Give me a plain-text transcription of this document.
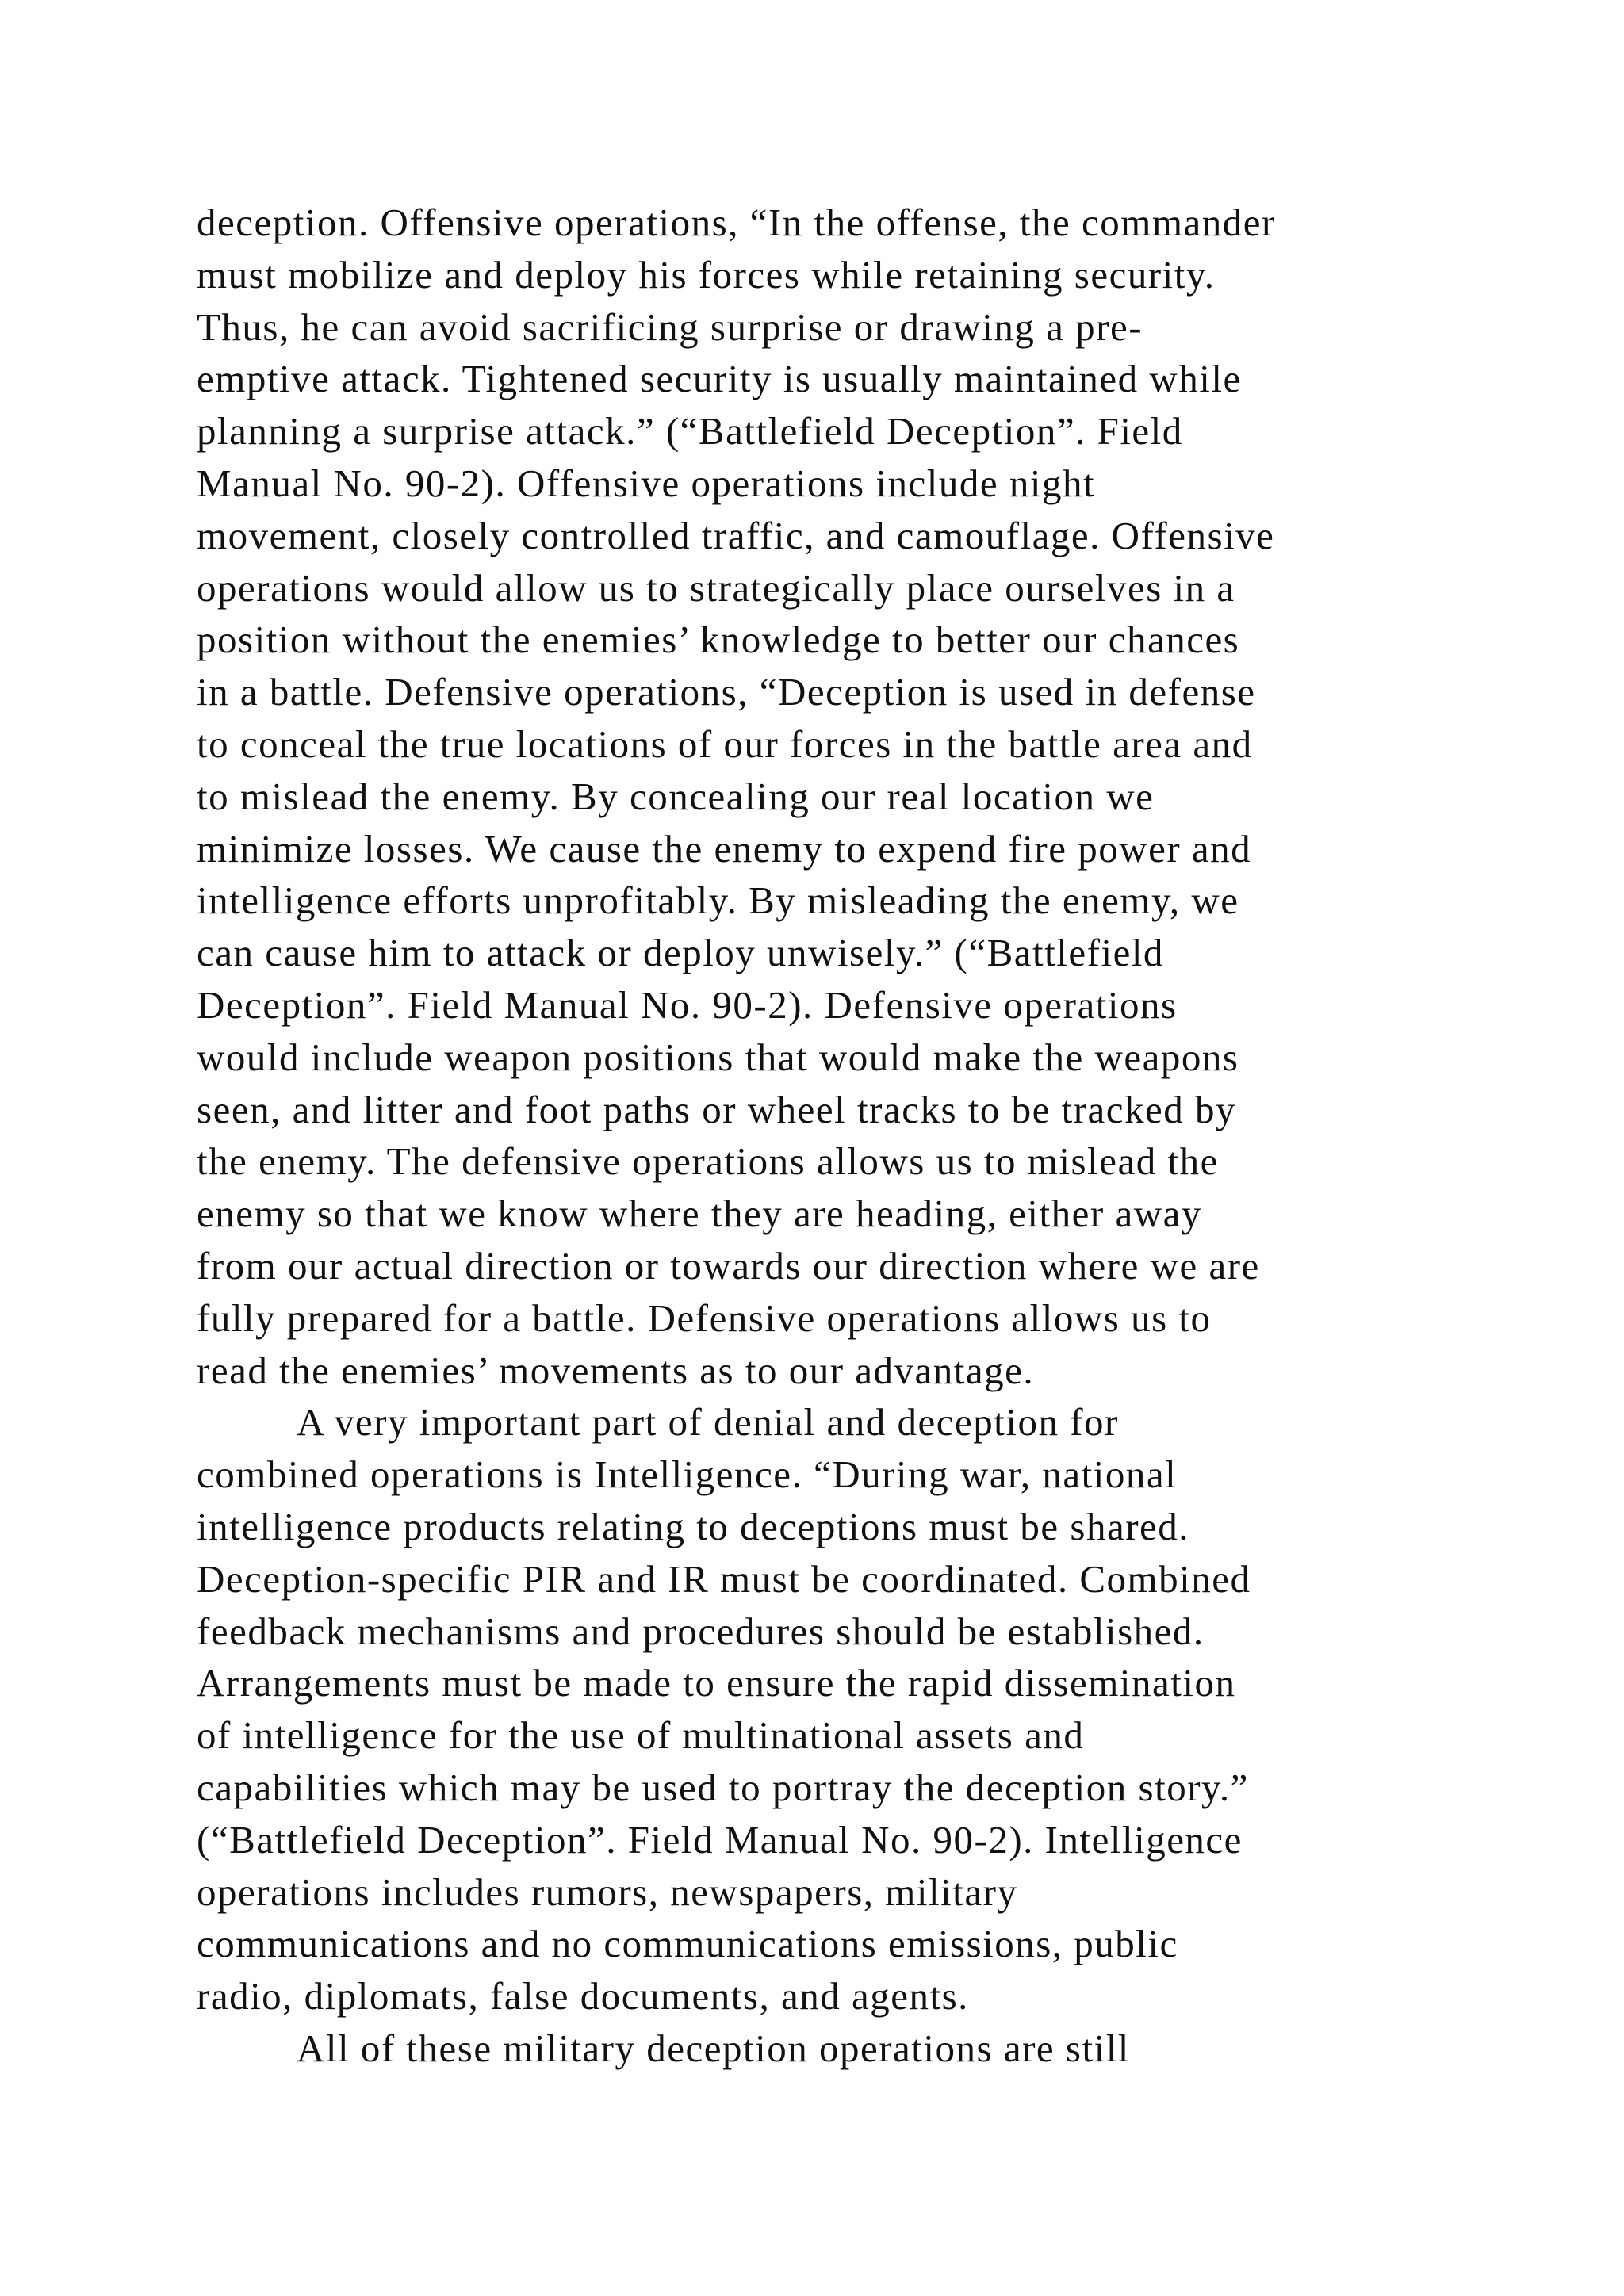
deception. Offensive operations, “In the offense, the commander
must mobilize and deploy his forces while retaining security.
Thus, he can avoid sacrificing surprise or drawing a pre-
emptive attack. Tightened security is usually maintained while
planning a surprise attack.” (“Battlefield Deception”. Field
Manual No. 90-2). Offensive operations include night
movement, closely controlled traffic, and camouflage. Offensive
operations would allow us to strategically place ourselves in a
position without the enemies’ knowledge to better our chances
in a battle. Defensive operations, “Deception is used in defense
to conceal the true locations of our forces in the battle area and
to mislead the enemy. By concealing our real location we
minimize losses. We cause the enemy to expend fire power and
intelligence efforts unprofitably. By misleading the enemy, we
can cause him to attack or deploy unwisely.” (“Battlefield
Deception”. Field Manual No. 90-2). Defensive operations
would include weapon positions that would make the weapons
seen, and litter and foot paths or wheel tracks to be tracked by
the enemy. The defensive operations allows us to mislead the
enemy so that we know where they are heading, either away
from our actual direction or towards our direction where we are
fully prepared for a battle. Defensive operations allows us to
read the enemies’ movements as to our advantage.
A very important part of denial and deception for
combined operations is Intelligence. “During war, national
intelligence products relating to deceptions must be shared.
Deception-specific PIR and IR must be coordinated. Combined
feedback mechanisms and procedures should be established.
Arrangements must be made to ensure the rapid dissemination
of intelligence for the use of multinational assets and
capabilities which may be used to portray the deception story.”
(“Battlefield Deception”. Field Manual No. 90-2). Intelligence
operations includes rumors, newspapers, military
communications and no communications emissions, public
radio, diplomats, false documents, and agents.
All of these military deception operations are still
